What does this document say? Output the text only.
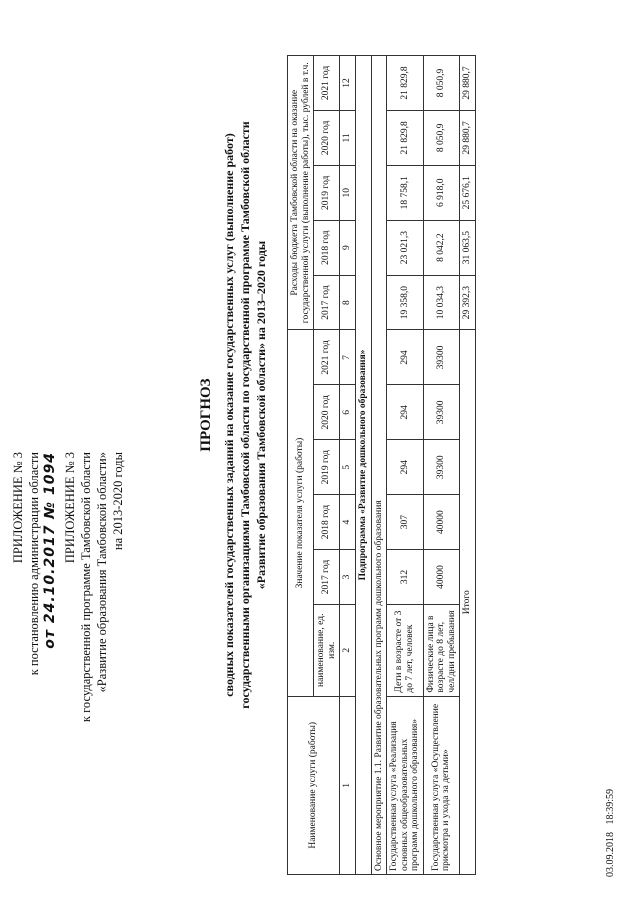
ПРИЛОЖЕНИЕ № 3 к постановлению администрации области от 24.10.2017 № 1094 ПРИЛОЖЕНИЕ № 3 к государственной программе Тамбовской области «Развитие образования Тамбовской области» на 2013-2020 годы
ПРОГНОЗ сводных показателей государственных заданий на оказание государственных услуг (выполнение работ) государственными организациями Тамбовской области по государственной программе Тамбовской области «Развитие образования Тамбовской области» на 2013–2020 годы
Наименование услуги (работы)	Значение показателя услуги (работы)						Расходы бюджета Тамбовской области на оказание государственной услуги (выполнение работы), тыс. рублей в т.ч.				
	наименование, ед. изм.	2017 год	2018 год	2019 год	2020 год	2021 год	2017 год	2018 год	2019 год	2020 год	2021 год
1	2	3	4	5	6	7	8	9	10	11	12
Подпрограмма «Развитие дошкольного образования»											
Основное мероприятие 1.1. Развитие образовательных программ дошкольного образования											
Государственная услуга «Реализация основных общеобразовательных программ дошкольного образования»	Дети в возрасте от 3 до 7 лет, человек	312	307	294	294	294	19 358,0	23 021,3	18 758,1	21 829,8	21 829,8
Государственная услуга «Осуществление присмотра и ухода за детьми»	Физические лица в возрасте до 8 лет, чел/дни пребывания	40000	40000	39300	39300	39300	10 034,3	8 042,2	6 918,0	8 050,9	8 050,9
Итого							29 392,3	31 063,5	25 676,1	29 880,7	29 880,7
03.09.2018   18:39:59
